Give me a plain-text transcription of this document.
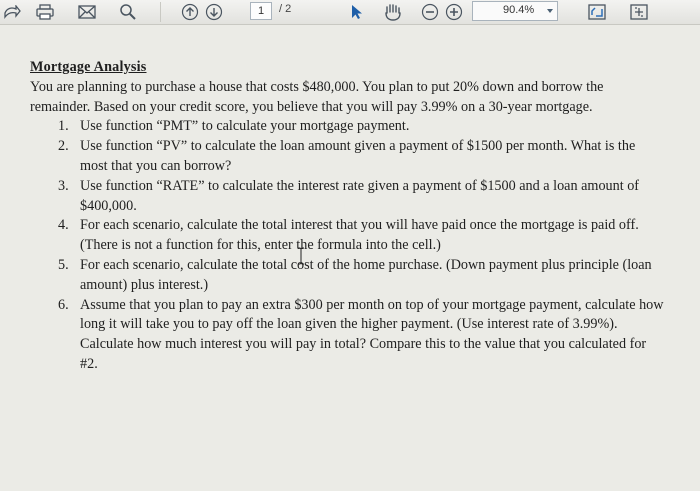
1	/ 2	90.4%
Mortgage Analysis

You are planning to purchase a house that costs $480,000. You plan to put 20% down and borrow the remainder. Based on your credit score, you believe that you will pay 3.99% on a 30-year mortgage.

1. Use function “PMT” to calculate your mortgage payment.
2. Use function “PV” to calculate the loan amount given a payment of $1500 per month. What is the most that you can borrow?
3. Use function “RATE” to calculate the interest rate given a payment of $1500 and a loan amount of $400,000.
4. For each scenario, calculate the total interest that you will have paid once the mortgage is paid off. (There is not a function for this, enter the formula into the cell.)
5. For each scenario, calculate the total cost of the home purchase. (Down payment plus principle (loan amount) plus interest.)
6. Assume that you plan to pay an extra $300 per month on top of your mortgage payment, calculate how long it will take you to pay off the loan given the higher payment. (Use interest rate of 3.99%). Calculate how much interest you will pay in total? Compare this to the value that you calculated for #2.
